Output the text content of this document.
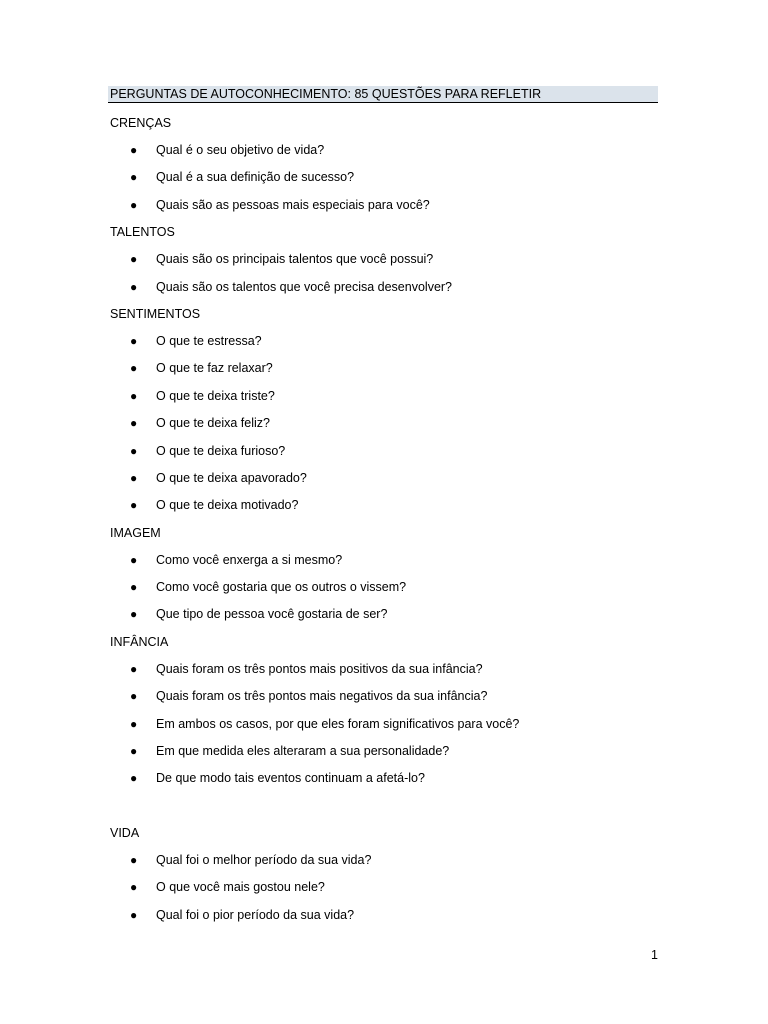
PERGUNTAS DE AUTOCONHECIMENTO: 85 QUESTÕES PARA REFLETIR
CRENÇAS
● Qual é o seu objetivo de vida?
● Qual é a sua definição de sucesso?
● Quais são as pessoas mais especiais para você?
TALENTOS
● Quais são os principais talentos que você possui?
● Quais são os talentos que você precisa desenvolver?
SENTIMENTOS
● O que te estressa?
● O que te faz relaxar?
● O que te deixa triste?
● O que te deixa feliz?
● O que te deixa furioso?
● O que te deixa apavorado?
● O que te deixa motivado?
IMAGEM
● Como você enxerga a si mesmo?
● Como você gostaria que os outros o vissem?
● Que tipo de pessoa você gostaria de ser?
INFÂNCIA
● Quais foram os três pontos mais positivos da sua infância?
● Quais foram os três pontos mais negativos da sua infância?
● Em ambos os casos, por que eles foram significativos para você?
● Em que medida eles alteraram a sua personalidade?
● De que modo tais eventos continuam a afetá-lo?
VIDA
● Qual foi o melhor período da sua vida?
● O que você mais gostou nele?
● Qual foi o pior período da sua vida?
1
